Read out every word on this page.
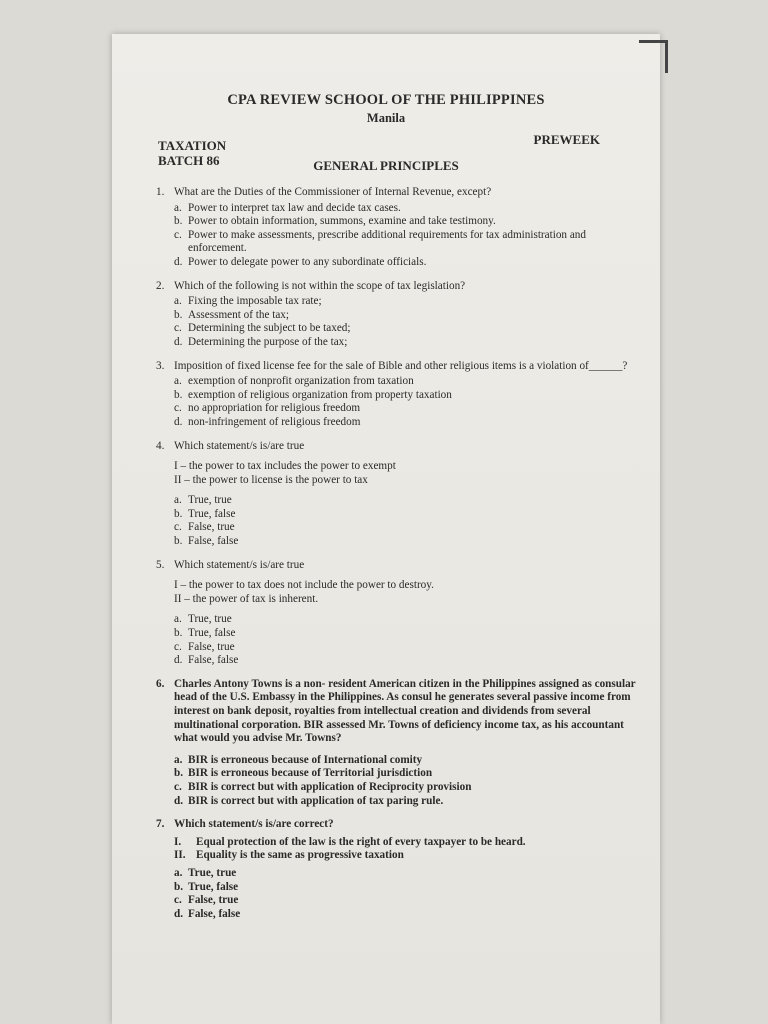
CPA REVIEW SCHOOL OF THE PHILIPPINES
Manila
PREWEEK
TAXATION
BATCH 86	GENERAL PRINCIPLES
1. What are the Duties of the Commissioner of Internal Revenue, except?
a. Power to interpret tax law and decide tax cases.
b. Power to obtain information, summons, examine and take testimony.
c. Power to make assessments, prescribe additional requirements for tax administration and enforcement.
d. Power to delegate power to any subordinate officials.
2. Which of the following is not within the scope of tax legislation?
a. Fixing the imposable tax rate;
b. Assessment of the tax;
c. Determining the subject to be taxed;
d. Determining the purpose of the tax;
3. Imposition of fixed license fee for the sale of Bible and other religious items is a violation of______?
a. exemption of nonprofit organization from taxation
b. exemption of religious organization from property taxation
c. no appropriation for religious freedom
d. non-infringement of religious freedom
4. Which statement/s is/are true
I – the power to tax includes the power to exempt
II – the power to license is the power to tax
a. True, true
b. True, false
c. False, true
b. False, false
5. Which statement/s is/are true
I – the power to tax does not include the power to destroy.
II – the power of tax is inherent.
a. True, true
b. True, false
c. False, true
d. False, false
6. Charles Antony Towns is a non- resident American citizen in the Philippines assigned as consular head of the U.S. Embassy in the Philippines. As consul he generates several passive income from interest on bank deposit, royalties from intellectual creation and dividends from several multinational corporation. BIR assessed Mr. Towns of deficiency income tax, as his accountant what would you advise Mr. Towns?
a. BIR is erroneous because of International comity
b. BIR is erroneous because of Territorial jurisdiction
c. BIR is correct but with application of Reciprocity provision
d. BIR is correct but with application of tax paring rule.
7. Which statement/s is/are correct?
I.	Equal protection of the law is the right of every taxpayer to be heard.
II. Equality is the same as progressive taxation
a. True, true
b. True, false
c. False, true
d. False, false
